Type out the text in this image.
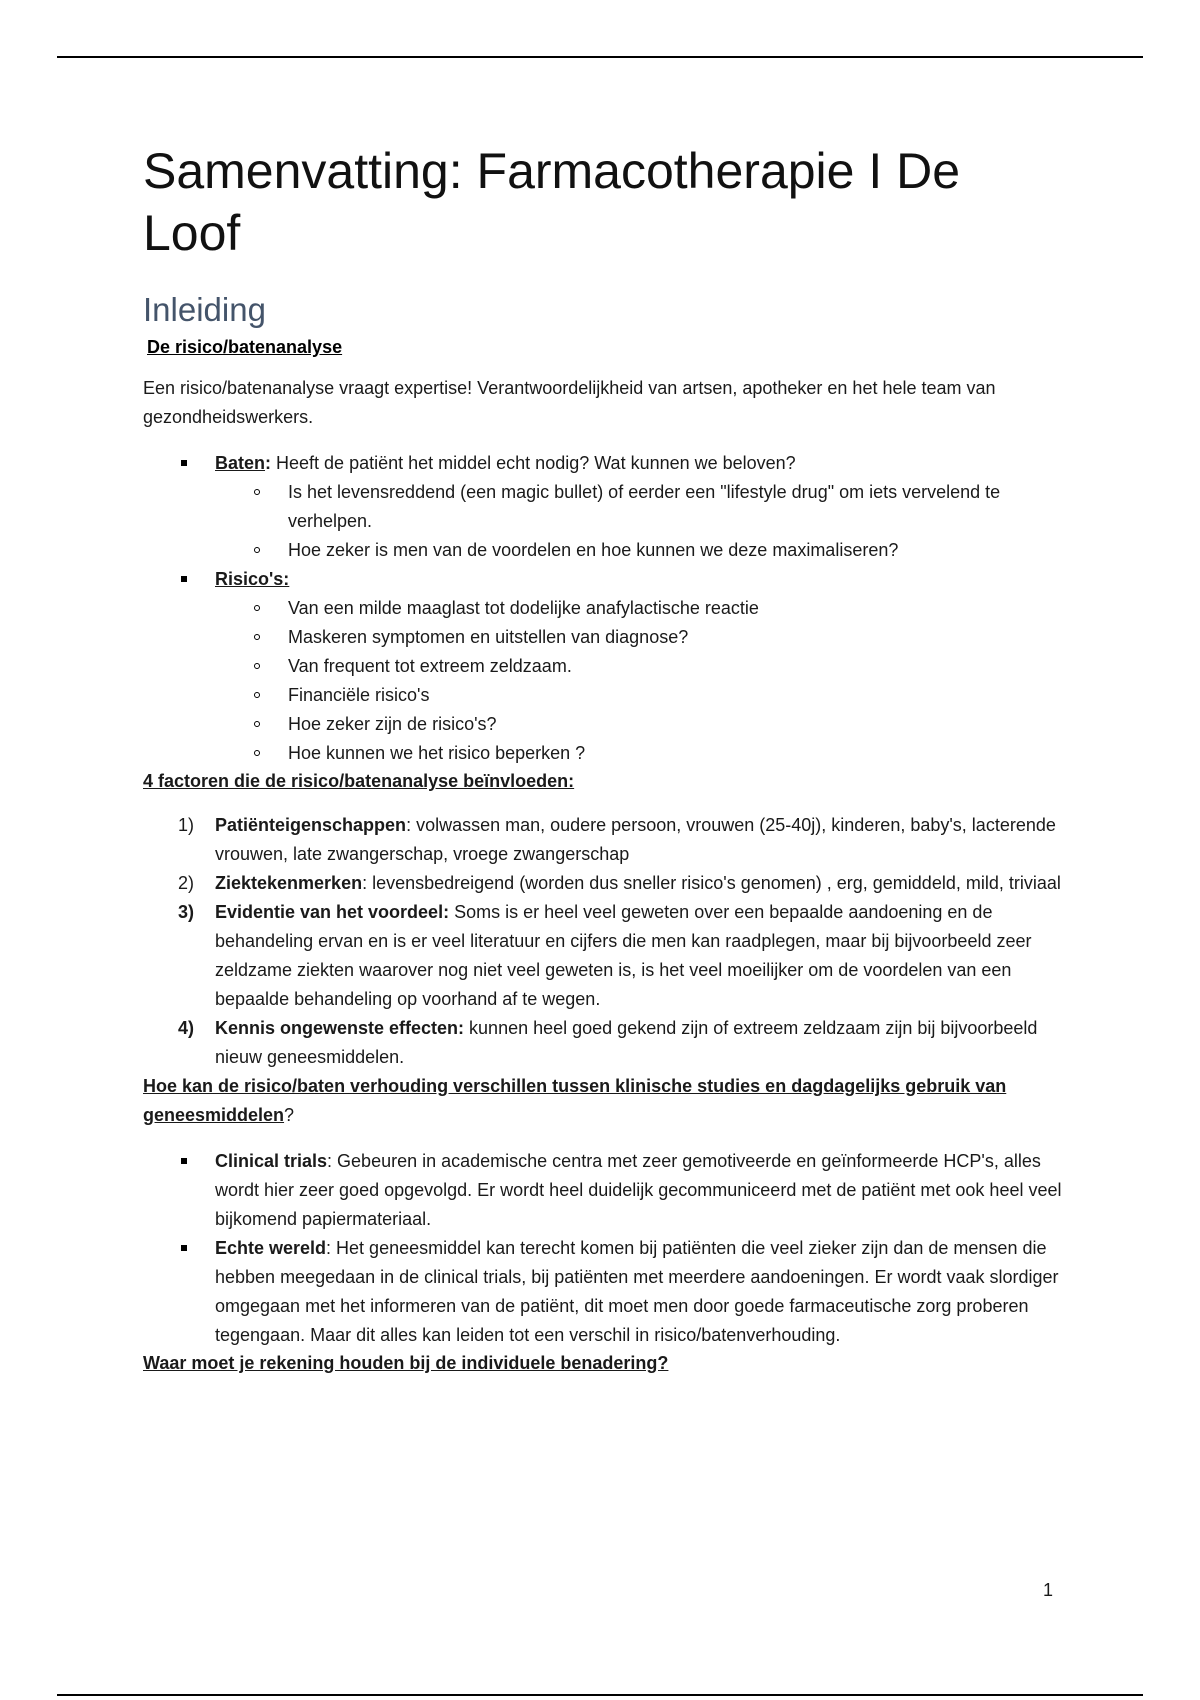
Samenvatting: Farmacotherapie I De Loof
Inleiding

De risico/batenanalyse

Een risico/batenanalyse vraagt expertise! Verantwoordelijkheid van artsen, apotheker en het hele team van gezondheidswerkers.

Baten: Heeft de patiënt het middel echt nodig? Wat kunnen we beloven?
Is het levensreddend (een magic bullet) of eerder een "lifestyle drug" om iets vervelend te verhelpen.
Hoe zeker is men van de voordelen en hoe kunnen we deze maximaliseren?
Risico's:
Van een milde maaglast tot dodelijke anafylactische reactie
Maskeren symptomen en uitstellen van diagnose?
Van frequent tot extreem zeldzaam.
Financiële risico's
Hoe zeker zijn de risico's?
Hoe kunnen we het risico beperken ?

4 factoren die de risico/batenanalyse beïnvloeden:

1) Patiënteigenschappen: volwassen man, oudere persoon, vrouwen (25-40j), kinderen, baby's, lacterende vrouwen, late zwangerschap, vroege zwangerschap
2) Ziektekenmerken: levensbedreigend (worden dus sneller risico's genomen) , erg, gemiddeld, mild, triviaal
3) Evidentie van het voordeel: Soms is er heel veel geweten over een bepaalde aandoening en de behandeling ervan en is er veel literatuur en cijfers die men kan raadplegen, maar bij bijvoorbeeld zeer zeldzame ziekten waarover nog niet veel geweten is, is het veel moeilijker om de voordelen van een bepaalde behandeling op voorhand af te wegen.
4) Kennis ongewenste effecten: kunnen heel goed gekend zijn of extreem zeldzaam zijn bij bijvoorbeeld nieuw geneesmiddelen.

Hoe kan de risico/baten verhouding verschillen tussen klinische studies en dagdagelijks gebruik van geneesmiddelen?

Clinical trials: Gebeuren in academische centra met zeer gemotiveerde en geïnformeerde HCP's, alles wordt hier zeer goed opgevolgd. Er wordt heel duidelijk gecommuniceerd met de patiënt met ook heel veel bijkomend papiermateriaal.
Echte wereld: Het geneesmiddel kan terecht komen bij patiënten die veel zieker zijn dan de mensen die hebben meegedaan in de clinical trials, bij patiënten met meerdere aandoeningen. Er wordt vaak slordiger omgegaan met het informeren van de patiënt, dit moet men door goede farmaceutische zorg proberen tegengaan. Maar dit alles kan leiden tot een verschil in risico/batenverhouding.

Waar moet je rekening houden bij de individuele benadering?

1
